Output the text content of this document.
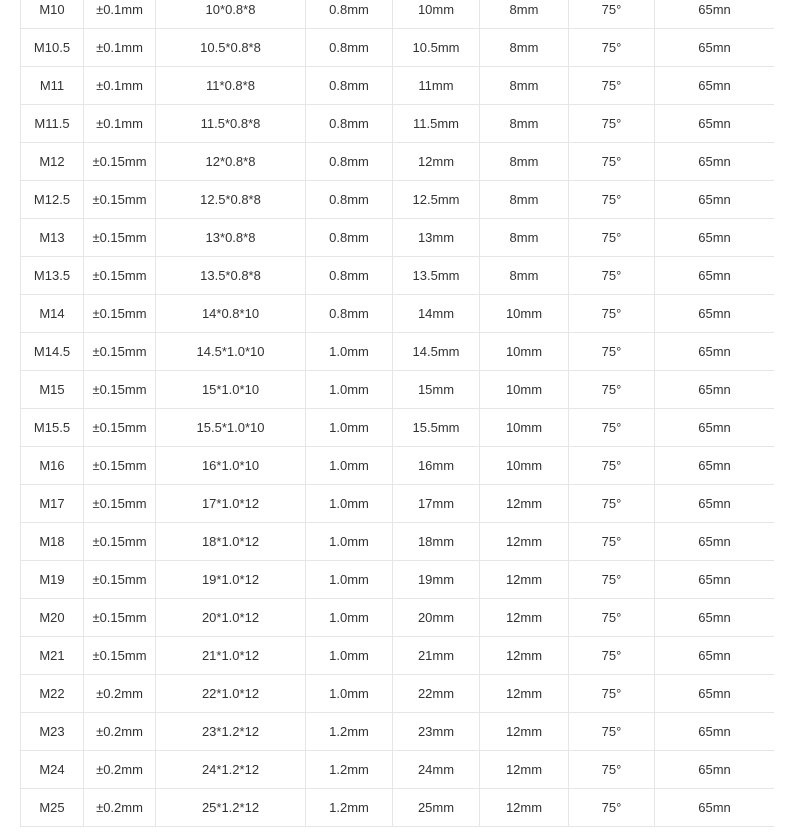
M10	±0.1mm	10*0.8*8	0.8mm	10mm	8mm	75°	65mn
M10.5	±0.1mm	10.5*0.8*8	0.8mm	10.5mm	8mm	75°	65mn
M11	±0.1mm	11*0.8*8	0.8mm	11mm	8mm	75°	65mn
M11.5	±0.1mm	11.5*0.8*8	0.8mm	11.5mm	8mm	75°	65mn
M12	±0.15mm	12*0.8*8	0.8mm	12mm	8mm	75°	65mn
M12.5	±0.15mm	12.5*0.8*8	0.8mm	12.5mm	8mm	75°	65mn
M13	±0.15mm	13*0.8*8	0.8mm	13mm	8mm	75°	65mn
M13.5	±0.15mm	13.5*0.8*8	0.8mm	13.5mm	8mm	75°	65mn
M14	±0.15mm	14*0.8*10	0.8mm	14mm	10mm	75°	65mn
M14.5	±0.15mm	14.5*1.0*10	1.0mm	14.5mm	10mm	75°	65mn
M15	±0.15mm	15*1.0*10	1.0mm	15mm	10mm	75°	65mn
M15.5	±0.15mm	15.5*1.0*10	1.0mm	15.5mm	10mm	75°	65mn
M16	±0.15mm	16*1.0*10	1.0mm	16mm	10mm	75°	65mn
M17	±0.15mm	17*1.0*12	1.0mm	17mm	12mm	75°	65mn
M18	±0.15mm	18*1.0*12	1.0mm	18mm	12mm	75°	65mn
M19	±0.15mm	19*1.0*12	1.0mm	19mm	12mm	75°	65mn
M20	±0.15mm	20*1.0*12	1.0mm	20mm	12mm	75°	65mn
M21	±0.15mm	21*1.0*12	1.0mm	21mm	12mm	75°	65mn
M22	±0.2mm	22*1.0*12	1.0mm	22mm	12mm	75°	65mn
M23	±0.2mm	23*1.2*12	1.2mm	23mm	12mm	75°	65mn
M24	±0.2mm	24*1.2*12	1.2mm	24mm	12mm	75°	65mn
M25	±0.2mm	25*1.2*12	1.2mm	25mm	12mm	75°	65mn
